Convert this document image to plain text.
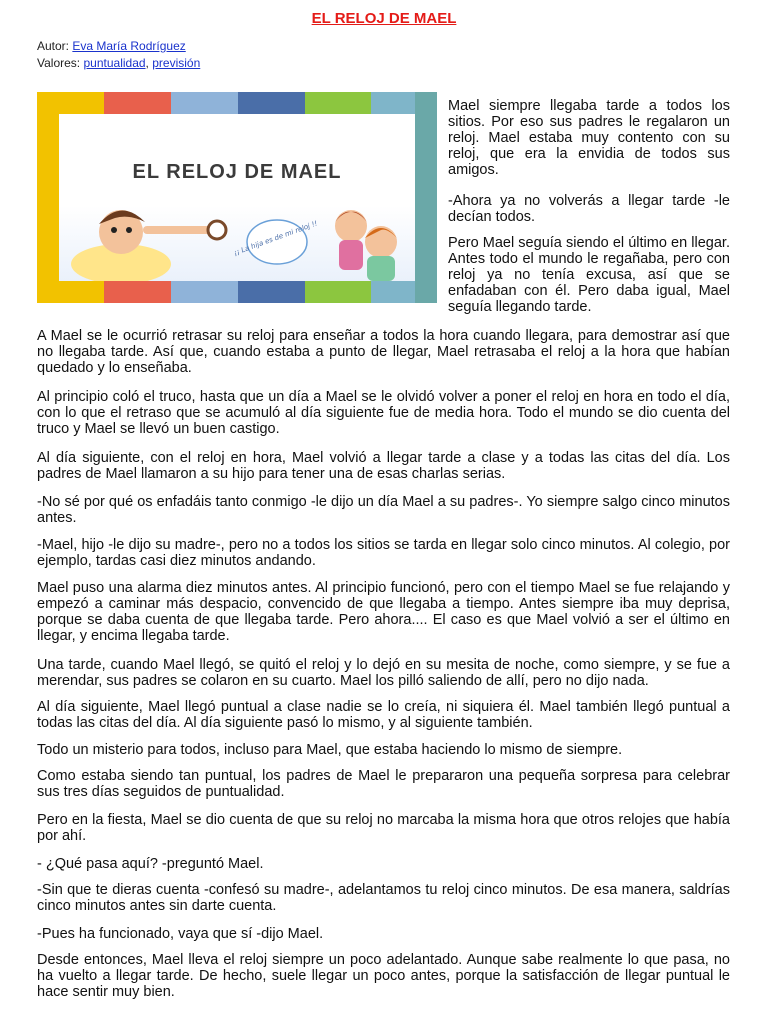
EL RELOJ DE MAEL
Autor: Eva María Rodríguez
Valores: puntualidad, previsión
EL RELOJ DE MAEL
¡¡ La hija es de mi reloj !!

Mael siempre llegaba tarde a todos los sitios. Por eso sus padres le regalaron un reloj. Mael estaba muy contento con su reloj, que era la envidia de todos sus amigos.

-Ahora ya no volverás a llegar tarde -le decían todos.

Pero Mael seguía siendo el último en llegar. Antes todo el mundo le regañaba, pero con reloj ya no tenía excusa, así que se enfadaban con él. Pero daba igual, Mael seguía llegando tarde.

A Mael se le ocurrió retrasar su reloj para enseñar a todos la hora cuando llegara, para demostrar así que no llegaba tarde. Así que, cuando estaba a punto de llegar, Mael retrasaba el reloj a la hora que habían quedado y lo enseñaba.

Al principio coló el truco, hasta que un día a Mael se le olvidó volver a poner el reloj en hora en todo el día, con lo que el retraso que se acumuló al día siguiente fue de media hora. Todo el mundo se dio cuenta del truco y Mael se llevó un buen castigo.

Al día siguiente, con el reloj en hora, Mael volvió a llegar tarde a clase y a todas las citas del día. Los padres de Mael llamaron a su hijo para tener una de esas charlas serias.

-No sé por qué os enfadáis tanto conmigo -le dijo un día Mael a su padres-. Yo siempre salgo cinco minutos antes.

-Mael, hijo -le dijo su madre-, pero no a todos los sitios se tarda en llegar solo cinco minutos. Al colegio, por ejemplo, tardas casi diez minutos andando.

Mael puso una alarma diez minutos antes. Al principio funcionó, pero con el tiempo Mael se fue relajando y empezó a caminar más despacio, convencido de que llegaba a tiempo. Antes siempre iba muy deprisa, porque se daba cuenta de que llegaba tarde. Pero ahora.... El caso es que Mael volvió a ser el último en llegar, y encima llegaba tarde.

Una tarde, cuando Mael llegó, se quitó el reloj y lo dejó en su mesita de noche, como siempre, y se fue a merendar, sus padres se colaron en su cuarto. Mael los pilló saliendo de allí, pero no dijo nada.

Al día siguiente, Mael llegó puntual a clase nadie se lo creía, ni siquiera él. Mael también llegó puntual a todas las citas del día. Al día siguiente pasó lo mismo, y al siguiente también.

Todo un misterio para todos, incluso para Mael, que estaba haciendo lo mismo de siempre.

Como estaba siendo tan puntual, los padres de Mael le prepararon una pequeña sorpresa para celebrar sus tres días seguidos de puntualidad.

Pero en la fiesta, Mael se dio cuenta de que su reloj no marcaba la misma hora que otros relojes que había por ahí.

- ¿Qué pasa aquí? -preguntó Mael.

-Sin que te dieras cuenta -confesó su madre-, adelantamos tu reloj cinco minutos. De esa manera, saldrías cinco minutos antes sin darte cuenta.

-Pues ha funcionado, vaya que sí -dijo Mael.

Desde entonces, Mael lleva el reloj siempre un poco adelantado. Aunque sabe realmente lo que pasa, no ha vuelto a llegar tarde. De hecho, suele llegar un poco antes, porque la satisfacción de llegar puntual le hace sentir muy bien.
